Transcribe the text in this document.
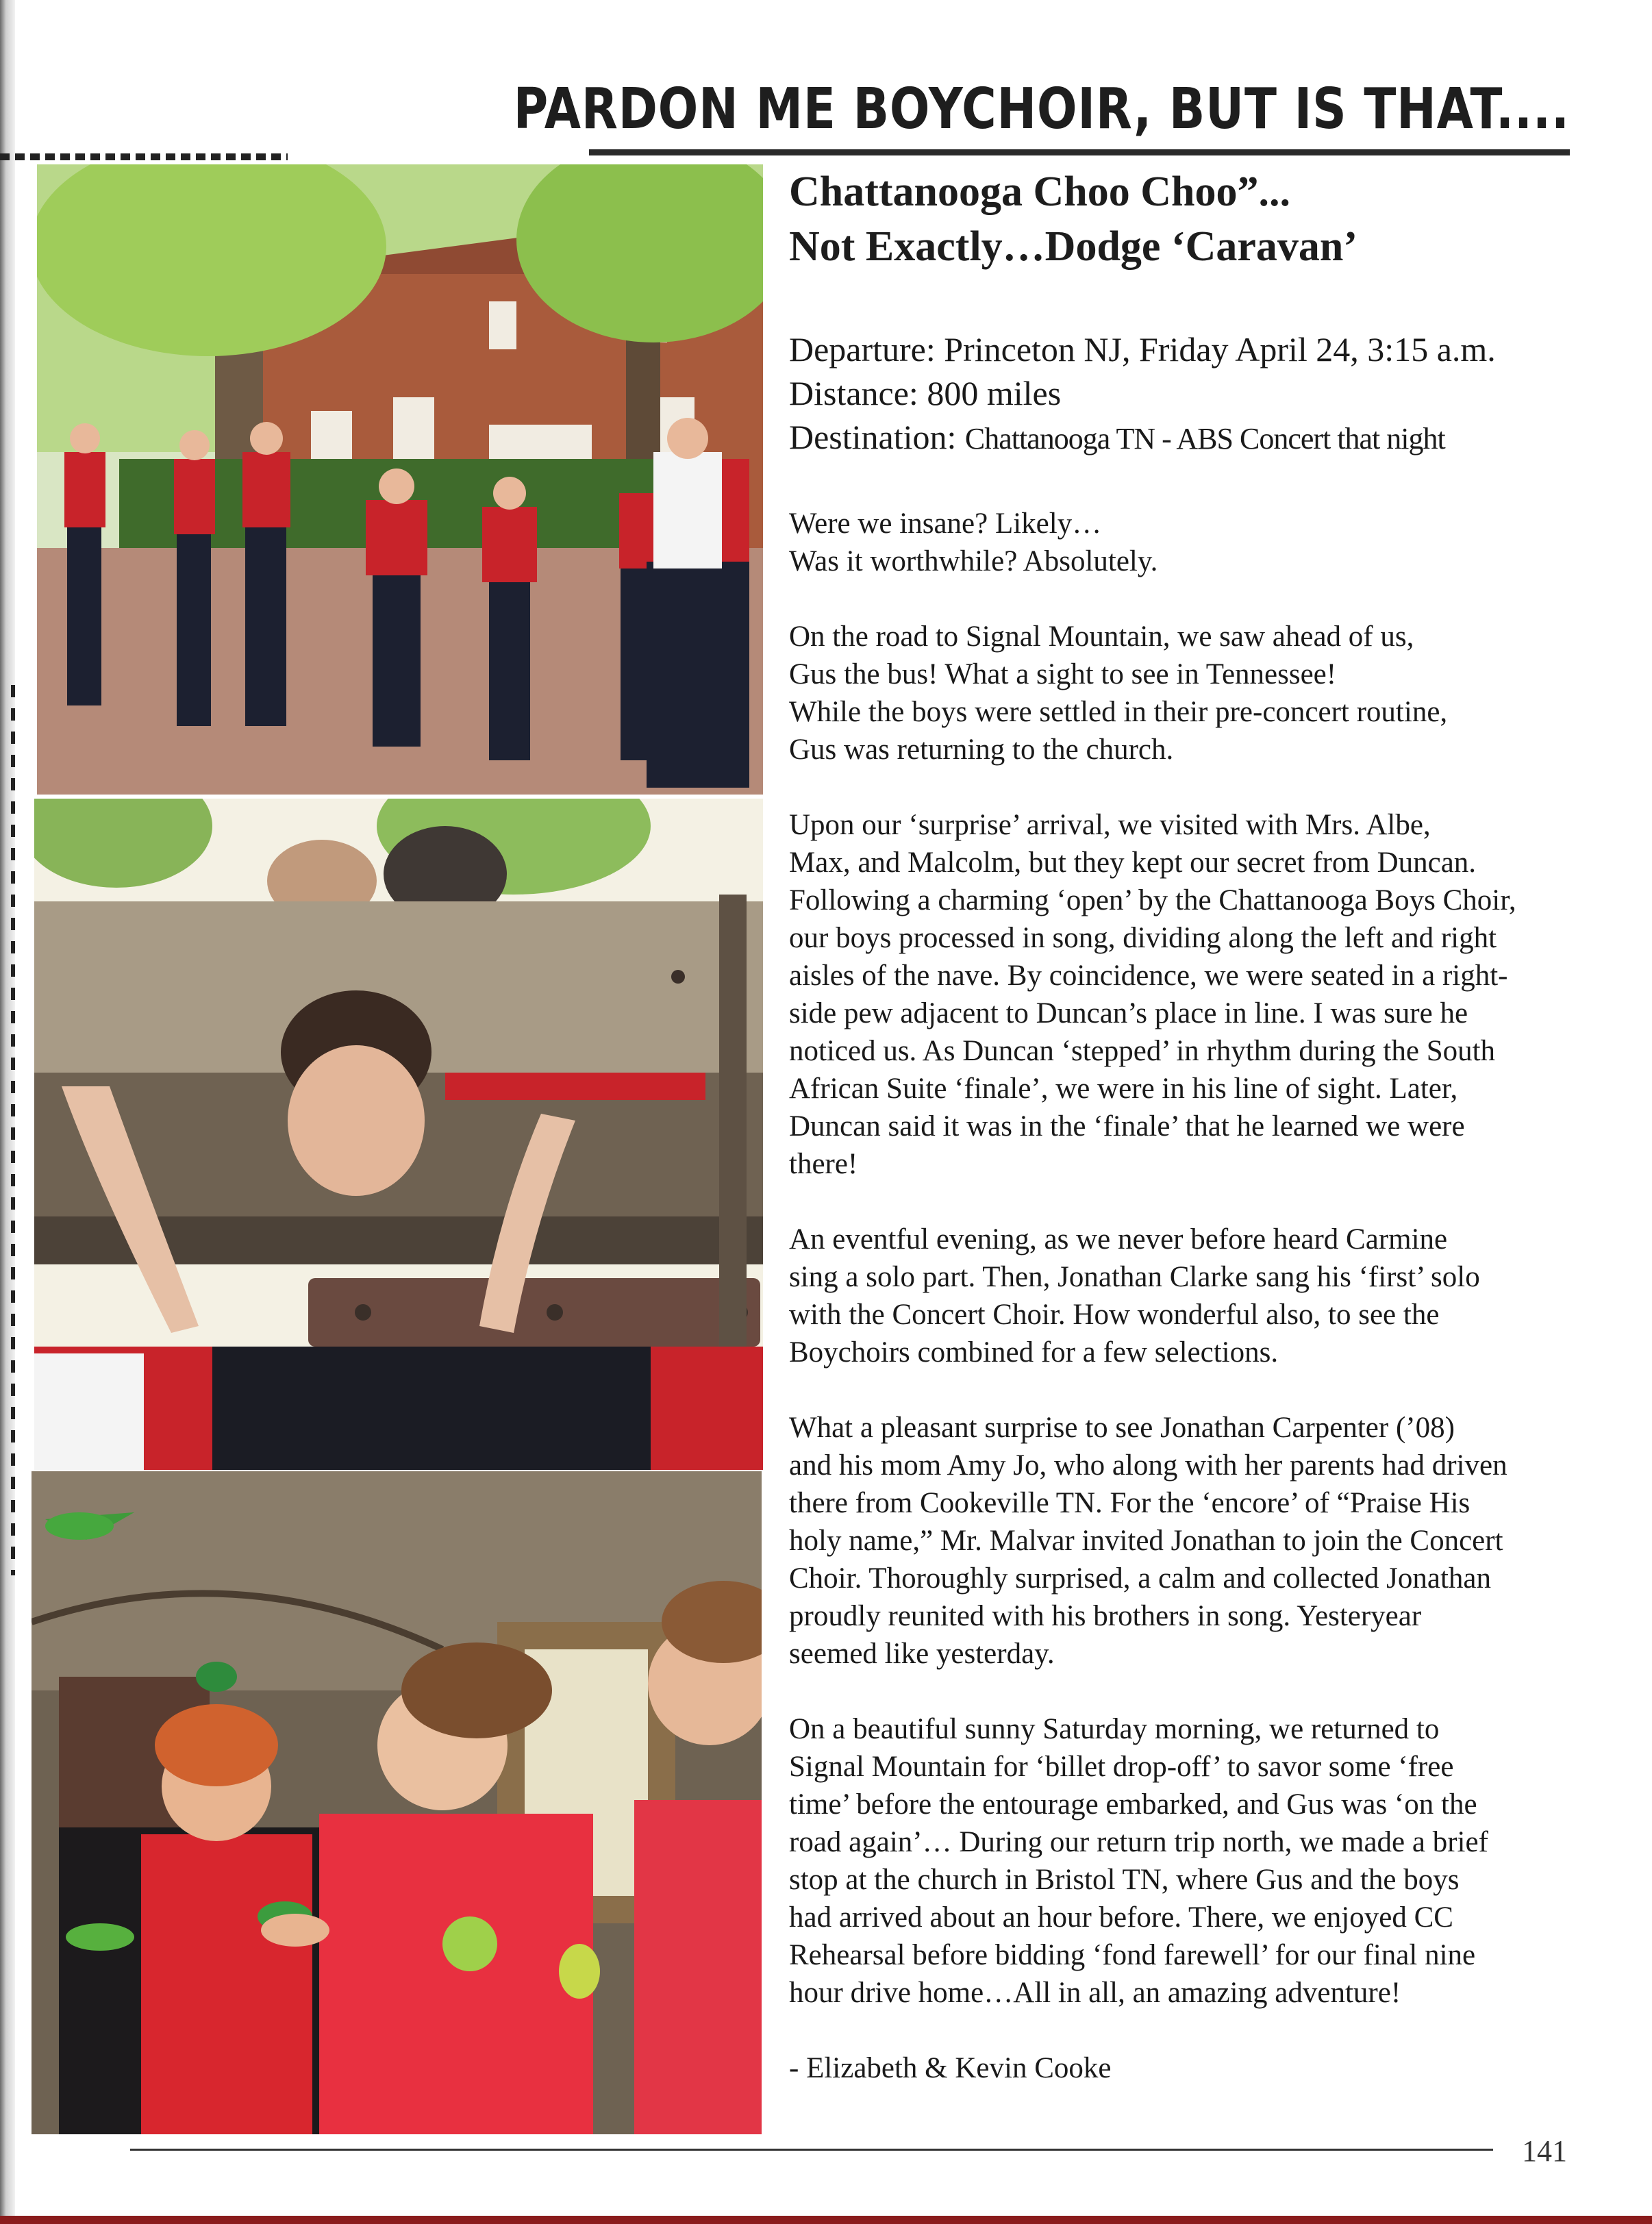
PARDON ME BOYCHOIR, BUT IS THAT....
Chattanooga Choo Choo”...
Not Exactly…Dodge ‘Caravan’

Departure: Princeton NJ, Friday April 24, 3:15 a.m.

Distance: 800 miles

Destination: Chattanooga TN - ABS Concert that night

Were we insane? Likely…
Was it worthwhile? Absolutely.

On the road to Signal Mountain, we saw ahead of us,
Gus the bus! What a sight to see in Tennessee!
While the boys were settled in their pre-concert routine,
Gus was returning to the church.

Upon our ‘surprise’ arrival, we visited with Mrs. Albe,
Max, and Malcolm, but they kept our secret from Duncan.
Following a charming ‘open’ by the Chattanooga Boys Choir,
our boys processed in song, dividing along the left and right
aisles of the nave. By coincidence, we were seated in a right-
side pew adjacent to Duncan’s place in line. I was sure he
noticed us. As Duncan ‘stepped’ in rhythm during the South
African Suite ‘finale’, we were in his line of sight. Later,
Duncan said it was in the ‘finale’ that he learned we were
there!

An eventful evening, as we never before heard Carmine
sing a solo part. Then, Jonathan Clarke sang his ‘first’ solo
with the Concert Choir. How wonderful also, to see the
Boychoirs combined for a few selections.

What a pleasant surprise to see Jonathan Carpenter (’08)
and his mom Amy Jo, who along with her parents had driven
there from Cookeville TN. For the ‘encore’ of “Praise His
holy name,” Mr. Malvar invited Jonathan to join the Concert
Choir. Thoroughly surprised, a calm and collected Jonathan
proudly reunited with his brothers in song. Yesteryear
seemed like yesterday.

On a beautiful sunny Saturday morning, we returned to
Signal Mountain for ‘billet drop-off’ to savor some ‘free
time’ before the entourage embarked, and Gus was ‘on the
road again’… During our return trip north, we made a brief
stop at the church in Bristol TN, where Gus and the boys
had arrived about an hour before. There, we enjoyed CC
Rehearsal before bidding ‘fond farewell’ for our final nine
hour drive home…All in all, an amazing adventure!

- Elizabeth & Kevin Cooke

141
